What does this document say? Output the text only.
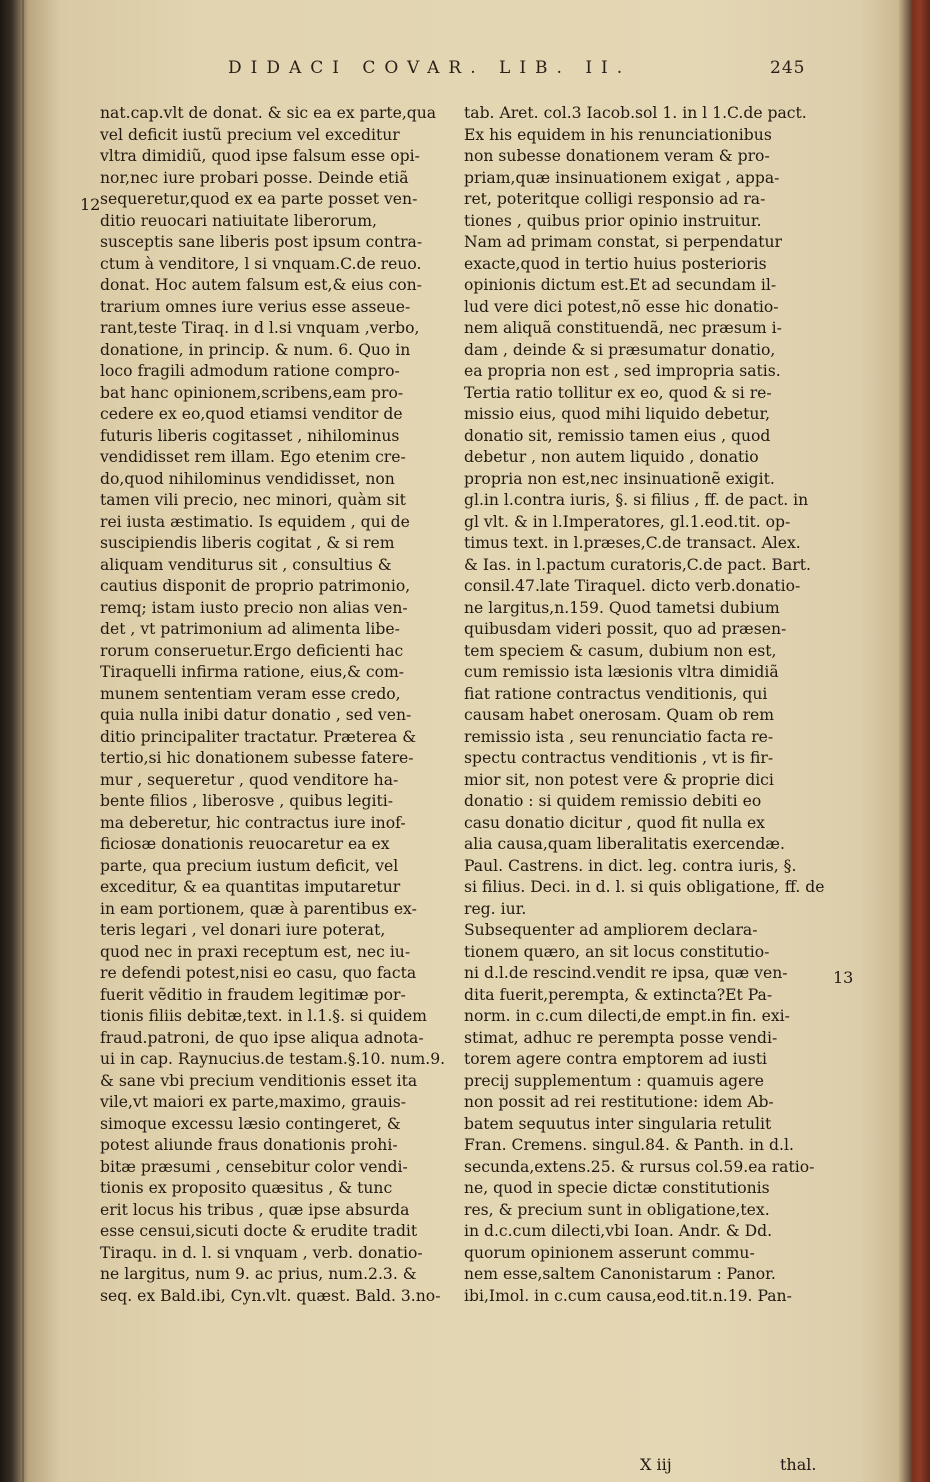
DIDACI COVAR. LIB. II.	245
nat.cap.vlt de donat. & sic ea ex parte,qua
vel deficit iustũ precium vel exceditur
vltra dimidiũ, quod ipse falsum esse opi-
nor,nec iure probari posse. Deinde etiã
sequeretur,quod ex ea parte posset ven-
ditio reuocari natiuitate liberorum,
susceptis sane liberis post ipsum contra-
ctum à venditore, l si vnquam.C.de reuo.
donat. Hoc autem falsum est,& eius con-
trarium omnes iure verius esse asseue-
rant,teste Tiraq. in d l.si vnquam ,verbo,
donatione, in princip. & num. 6. Quo in
loco fragili admodum ratione compro-
bat hanc opinionem,scribens,eam pro-
cedere ex eo,quod etiamsi venditor de
futuris liberis cogitasset , nihilominus
vendidisset rem illam. Ego etenim cre-
do,quod nihilominus vendidisset, non
tamen vili precio, nec minori, quàm sit
rei iusta æstimatio. Is equidem , qui de
suscipiendis liberis cogitat , & si rem
aliquam venditurus sit , consultius &
cautius disponit de proprio patrimonio,
remq; istam iusto precio non alias ven-
det , vt patrimonium ad alimenta libe-
rorum conseruetur.Ergo deficienti hac
Tiraquelli infirma ratione, eius,& com-
munem sententiam veram esse credo,
quia nulla inibi datur donatio , sed ven-
ditio principaliter tractatur. Præterea &
tertio,si hic donationem subesse fatere-
mur , sequeretur , quod venditore ha-
bente filios , liberosve , quibus legiti-
ma deberetur, hic contractus iure inof-
ficiosæ donationis reuocaretur ea ex
parte, qua precium iustum deficit, vel
exceditur, & ea quantitas imputaretur
in eam portionem, quæ à parentibus ex-
teris legari , vel donari iure poterat,
quod nec in praxi receptum est, nec iu-
re defendi potest,nisi eo casu, quo facta
fuerit vẽditio in fraudem legitimæ por-
tionis filiis debitæ,text. in l.1.§. si quidem
fraud.patroni, de quo ipse aliqua adnota-
ui in cap. Raynucius.de testam.§.10. num.9.
& sane vbi precium venditionis esset ita
vile,vt maiori ex parte,maximo, grauis-
simoque excessu læsio contingeret, &
potest aliunde fraus donationis prohi-
bitæ præsumi , censebitur color vendi-
tionis ex proposito quæsitus , & tunc
erit locus his tribus , quæ ipse absurda
esse censui,sicuti docte & erudite tradit
Tiraqu. in d. l. si vnquam , verb. donatio-
ne largitus, num 9. ac prius, num.2.3. &
seq. ex Bald.ibi, Cyn.vlt. quæst. Bald. 3.no-
tab. Aret. col.3 Iacob.sol 1. in l 1.C.de pact.
Ex his equidem in his renunciationibus
non subesse donationem veram & pro-
priam,quæ insinuationem exigat , appa-
ret, poteritque colligi responsio ad ra-
tiones , quibus prior opinio instruitur.
Nam ad primam constat, si perpendatur
exacte,quod in tertio huius posterioris
opinionis dictum est.Et ad secundam il-
lud vere dici potest,nõ esse hic donatio-
nem aliquã constituendã, nec præsum i-
dam , deinde & si præsumatur donatio,
ea propria non est , sed impropria satis.
Tertia ratio tollitur ex eo, quod & si re-
missio eius, quod mihi liquido debetur,
donatio sit, remissio tamen eius , quod
debetur , non autem liquido , donatio
propria non est,nec insinuationẽ exigit.
gl.in l.contra iuris, §. si filius , ff. de pact. in
gl vlt. & in l.Imperatores, gl.1.eod.tit. op-
timus text. in l.præses,C.de transact. Alex.
& Ias. in l.pactum curatoris,C.de pact. Bart.
consil.47.late Tiraquel. dicto verb.donatio-
ne largitus,n.159. Quod tametsi dubium
quibusdam videri possit, quo ad præsen-
tem speciem & casum, dubium non est,
cum remissio ista læsionis vltra dimidiã
fiat ratione contractus venditionis, qui
causam habet onerosam. Quam ob rem
remissio ista , seu renunciatio facta re-
spectu contractus venditionis , vt is fir-
mior sit, non potest vere & proprie dici
donatio : si quidem remissio debiti eo
casu donatio dicitur , quod fit nulla ex
alia causa,quam liberalitatis exercendæ.
Paul. Castrens. in dict. leg. contra iuris, §.
si filius. Deci. in d. l. si quis obligatione, ff. de
reg. iur.
Subsequenter ad ampliorem declara-
tionem quæro, an sit locus constitutio-
ni d.l.de rescind.vendit re ipsa, quæ ven-
dita fuerit,perempta, & extincta?Et Pa-
norm. in c.cum dilecti,de empt.in fin. exi-
stimat, adhuc re perempta posse vendi-
torem agere contra emptorem ad iusti
precij supplementum : quamuis agere
non possit ad rei restitutione: idem Ab-
batem sequutus inter singularia retulit
Fran. Cremens. singul.84. & Panth. in d.l.
secunda,extens.25. & rursus col.59.ea ratio-
ne, quod in specie dictæ constitutionis
res, & precium sunt in obligatione,tex.
in d.c.cum dilecti,vbi Ioan. Andr. & Dd.
quorum opinionem asserunt commu-
nem esse,saltem Canonistarum : Panor.
ibi,Imol. in c.cum causa,eod.tit.n.19. Pan-
12
13
X iij	thal.
